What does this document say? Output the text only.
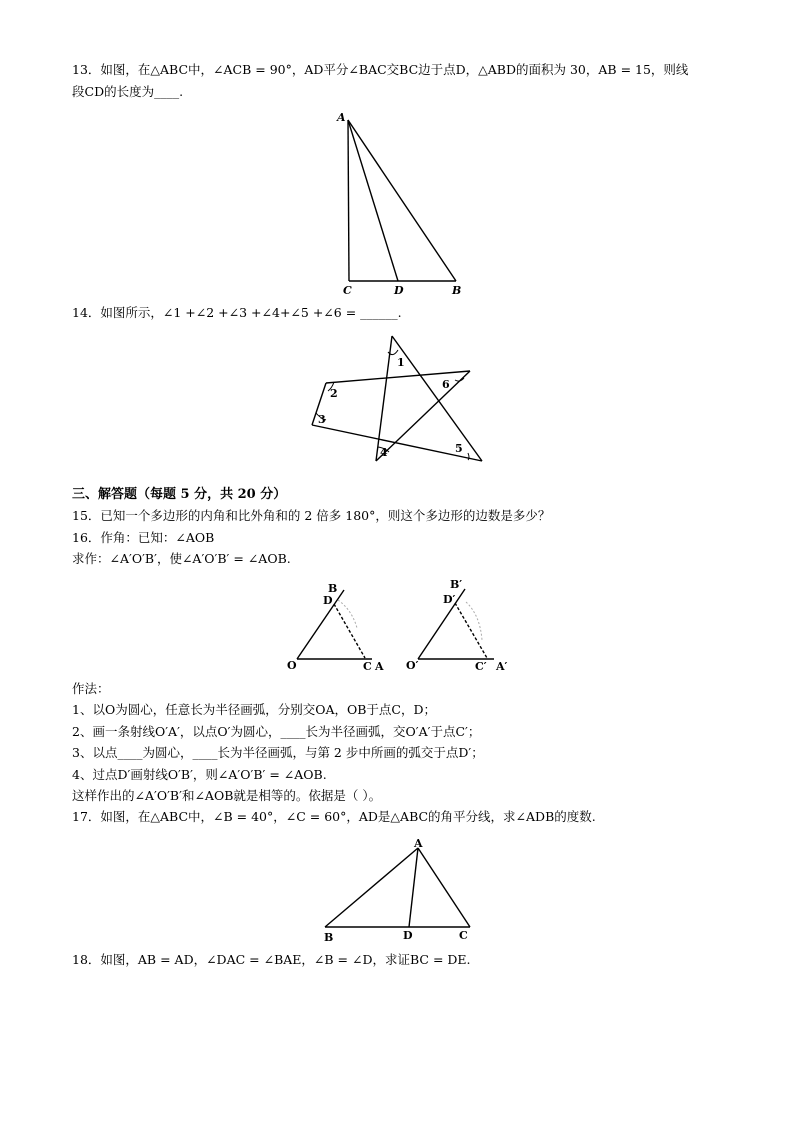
13．如图，在△ABC中，∠ACB = 90°，AD平分∠BAC交BC边于点D，△ABD的面积为 30，AB = 15，则线
段CD的长度为____.
A
C	D	B
14．如图所示，∠1 +∠2 +∠3 +∠4+∠5 +∠6 = ______.
1
2
3
4	5
6
三、解答题（每题 5 分，共 20 分）
15．已知一个多边形的内角和比外角和的 2 倍多 180°，则这个多边形的边数是多少？
16．作角：已知：∠AOB
求作：∠A′O′B′，使∠A′O′B′ = ∠AOB.
B
D
O	C A
B′
D′
O′	C′ A′
作法：
1、以O为圆心，任意长为半径画弧，分别交OA，OB于点C，D；
2、画一条射线O′A′，以点O′为圆心，____长为半径画弧，交O′A′于点C′；
3、以点____为圆心，____长为半径画弧，与第 2 步中所画的弧交于点D′；
4、过点D′画射线O′B′，则∠A′O′B′ = ∠AOB.
这样作出的∠A′O′B′和∠AOB就是相等的。依据是（ ）。
17．如图，在△ABC中，∠B = 40°，∠C = 60°，AD是△ABC的角平分线，求∠ADB的度数.
A
B	D	C
18．如图，AB = AD，∠DAC = ∠BAE，∠B = ∠D，求证BC = DE.
